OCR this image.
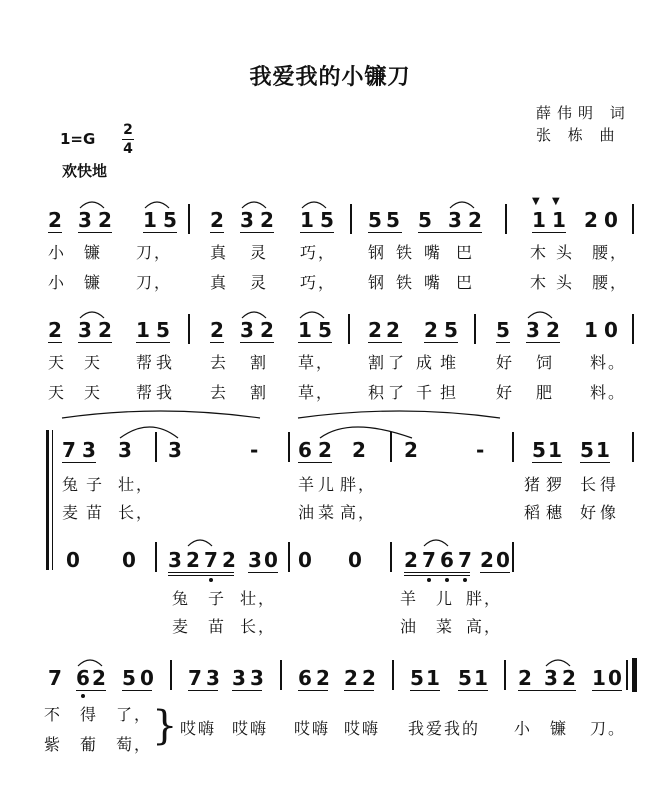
我爱我的小镰刀
薛伟明 词
张 栋 曲
1=G 2
4
欢快地
2 3 2 1 5 2 3 2 1 5 5 5 5 3 2	1 1 2 0
▼ ▼
小 镰 刀， 真 灵 巧， 钢 铁 嘴 巴	木 头 腰，
小 镰 刀， 真 灵 巧， 钢 铁 嘴 巴	木 头 腰，
2 3 2 1 5 2 3 2 1 5 2 2 2 5 5 3 2 1 0
天 天 帮 我 去 割 草， 割 了 成 堆 好 饲 料。
天 天 帮 我 去 割 草， 积 了 千 担 好 肥 料。
7 3 3 3	- 6 2 2 2	- 5 1 5 1
兔 子 壮，	羊 儿 胖，	猪 猡 长 得
麦 苗 长，	油 菜 高，	稻 穗 好 像
0 0 3 2 7 2 3 0 0 0 2 7 6 7 2 0
兔 子 壮，	羊 儿 胖，
麦 苗 长，	油 菜 高，
7 6 2 5 0 7 3 3 3 6 2 2 2 5 1 5 1 2 3 2 1 0
不 得 了，
紫 葡 萄， } 哎嗨 哎嗨 哎嗨 哎嗨 我爱我的 小 镰 刀。
